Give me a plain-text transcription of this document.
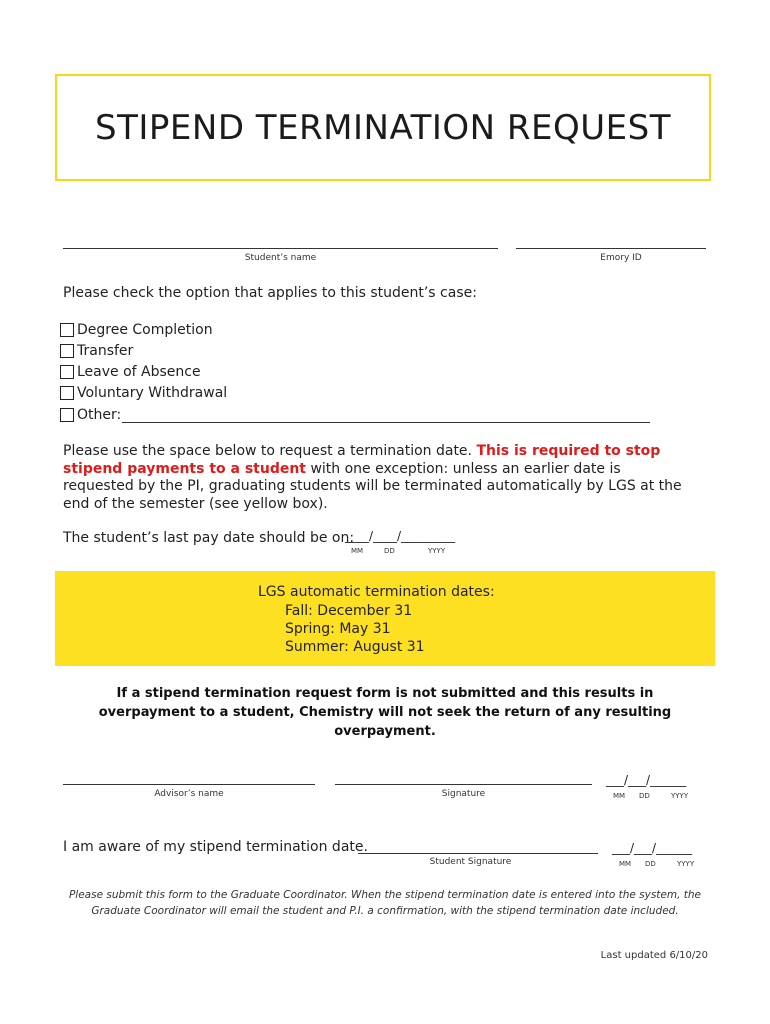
STIPEND TERMINATION REQUEST
Student’s name	Emory ID
Please check the option that applies to this student’s case:
Degree Completion
Transfer
Leave of Absence
Voluntary Withdrawal
Other:
Please use the space below to request a termination date. This is required to stop stipend payments to a student with one exception: unless an earlier date is requested by the PI, graduating students will be terminated automatically by LGS at the end of the semester (see yellow box).
The student’s last pay date should be on:
____/____/_________
MM	DD	YYYY
LGS automatic termination dates:
Fall: December 31
Spring: May 31
Summer: August 31
If a stipend termination request form is not submitted and this results in overpayment to a student, Chemistry will not seek the return of any resulting overpayment.
Advisor’s name	Signature
___/___/______
MM DD	YYYY
I am aware of my stipend termination date.
Student Signature
___/___/______
MM DD	YYYY
Please submit this form to the Graduate Coordinator. When the stipend termination date is entered into the system, the Graduate Coordinator will email the student and P.I. a confirmation, with the stipend termination date included.
Last updated 6/10/20
